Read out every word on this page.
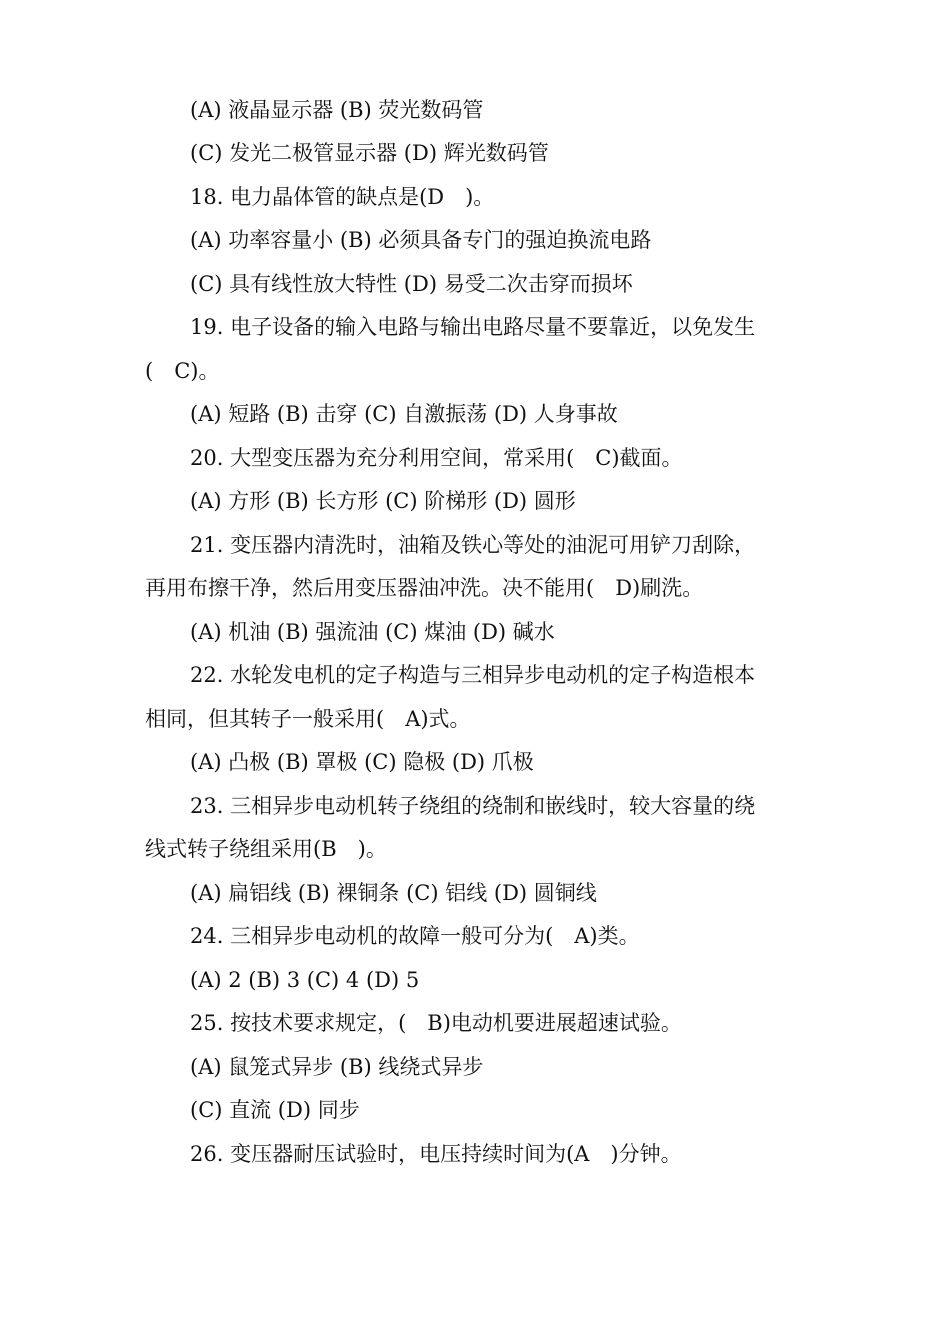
(A) 液晶显示器 (B) 荧光数码管
(C) 发光二极管显示器 (D) 辉光数码管
18. 电力晶体管的缺点是(D　)。
(A) 功率容量小 (B) 必须具备专门的强迫换流电路
(C) 具有线性放大特性 (D) 易受二次击穿而损坏
19. 电子设备的输入电路与输出电路尽量不要靠近，以免发生
(　C)。
(A) 短路 (B) 击穿 (C) 自激振荡 (D) 人身事故
20. 大型变压器为充分利用空间，常采用(　C)截面。
(A) 方形 (B) 长方形 (C) 阶梯形 (D) 圆形
21. 变压器内清洗时，油箱及铁心等处的油泥可用铲刀刮除，
再用布擦干净，然后用变压器油冲洗。决不能用(　D)刷洗。
(A) 机油 (B) 强流油 (C) 煤油 (D) 碱水
22. 水轮发电机的定子构造与三相异步电动机的定子构造根本
相同，但其转子一般采用(　A)式。
(A) 凸极 (B) 罩极 (C) 隐极 (D) 爪极
23. 三相异步电动机转子绕组的绕制和嵌线时，较大容量的绕
线式转子绕组采用(B　)。
(A) 扁铝线 (B) 裸铜条 (C) 铝线 (D) 圆铜线
24. 三相异步电动机的故障一般可分为(　A)类。
(A) 2 (B) 3 (C) 4 (D) 5
25. 按技术要求规定，(　B)电动机要进展超速试验。
(A) 鼠笼式异步 (B) 线绕式异步
(C) 直流 (D) 同步
26. 变压器耐压试验时，电压持续时间为(A　)分钟。
